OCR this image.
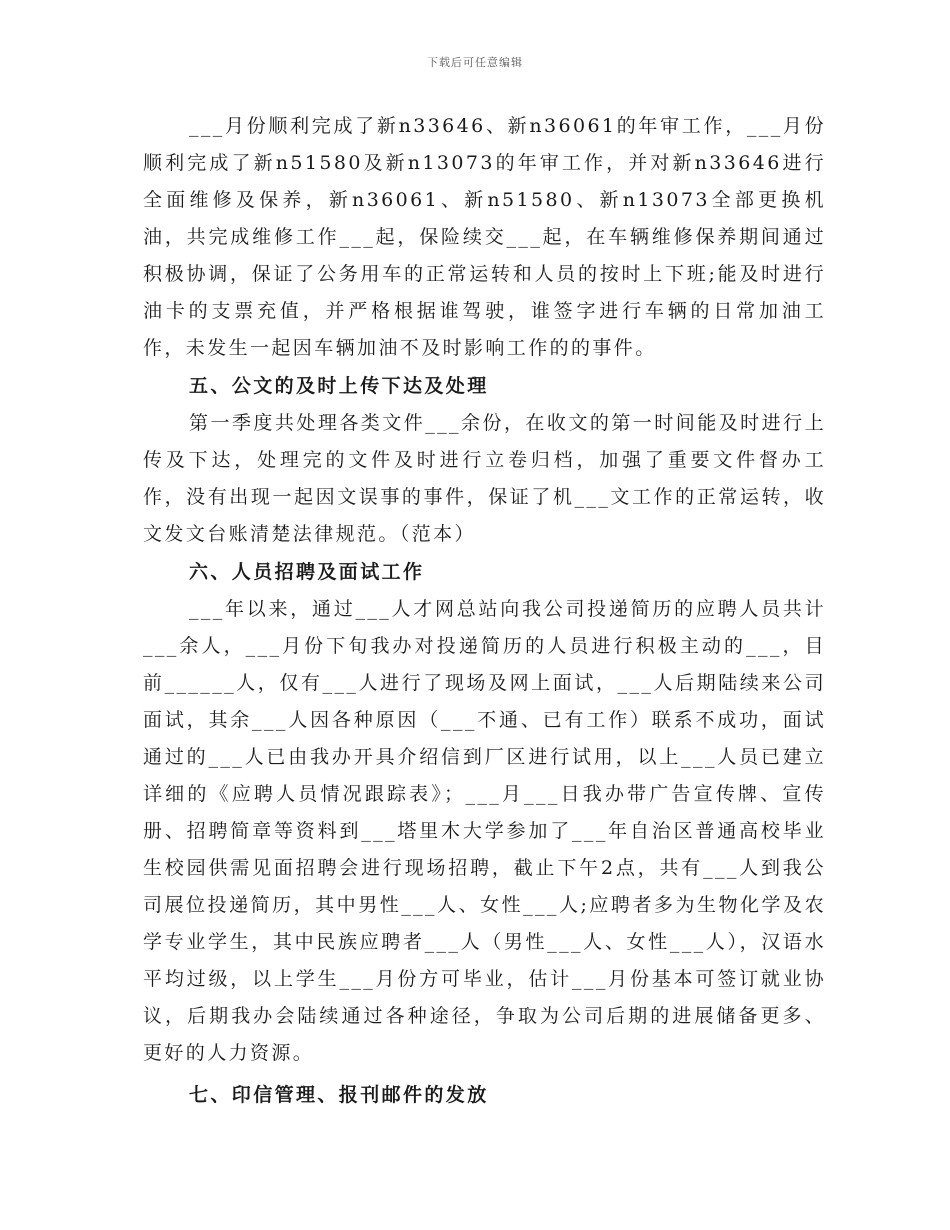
下载后可任意编辑

___月份顺利完成了新n33646、新n36061的年审工作，___月份顺利完成了新n51580及新n13073的年审工作，并对新n33646进行全面维修及保养，新n36061、新n51580、新n13073全部更换机油，共完成维修工作___起，保险续交___起，在车辆维修保养期间通过积极协调，保证了公务用车的正常运转和人员的按时上下班;能及时进行油卡的支票充值，并严格根据谁驾驶，谁签字进行车辆的日常加油工作，未发生一起因车辆加油不及时影响工作的的事件。

五、公文的及时上传下达及处理

第一季度共处理各类文件___余份，在收文的第一时间能及时进行上传及下达，处理完的文件及时进行立卷归档，加强了重要文件督办工作，没有出现一起因文误事的事件，保证了机___文工作的正常运转，收文发文台账清楚法律规范。（范本）

六、人员招聘及面试工作

___年以来，通过___人才网总站向我公司投递简历的应聘人员共计___余人，___月份下旬我办对投递简历的人员进行积极主动的___，目前______人，仅有___人进行了现场及网上面试，___人后期陆续来公司面试，其余___人因各种原因（___不通、已有工作）联系不成功，面试通过的___人已由我办开具介绍信到厂区进行试用，以上___人员已建立详细的《应聘人员情况跟踪表》；___月___日我办带广告宣传牌、宣传册、招聘简章等资料到___塔里木大学参加了___年自治区普通高校毕业生校园供需见面招聘会进行现场招聘，截止下午2点，共有___人到我公司展位投递简历，其中男性___人、女性___人;应聘者多为生物化学及农学专业学生，其中民族应聘者___人（男性___人、女性___人），汉语水平均过级，以上学生___月份方可毕业，估计___月份基本可签订就业协议，后期我办会陆续通过各种途径，争取为公司后期的进展储备更多、更好的人力资源。

七、印信管理、报刊邮件的发放
